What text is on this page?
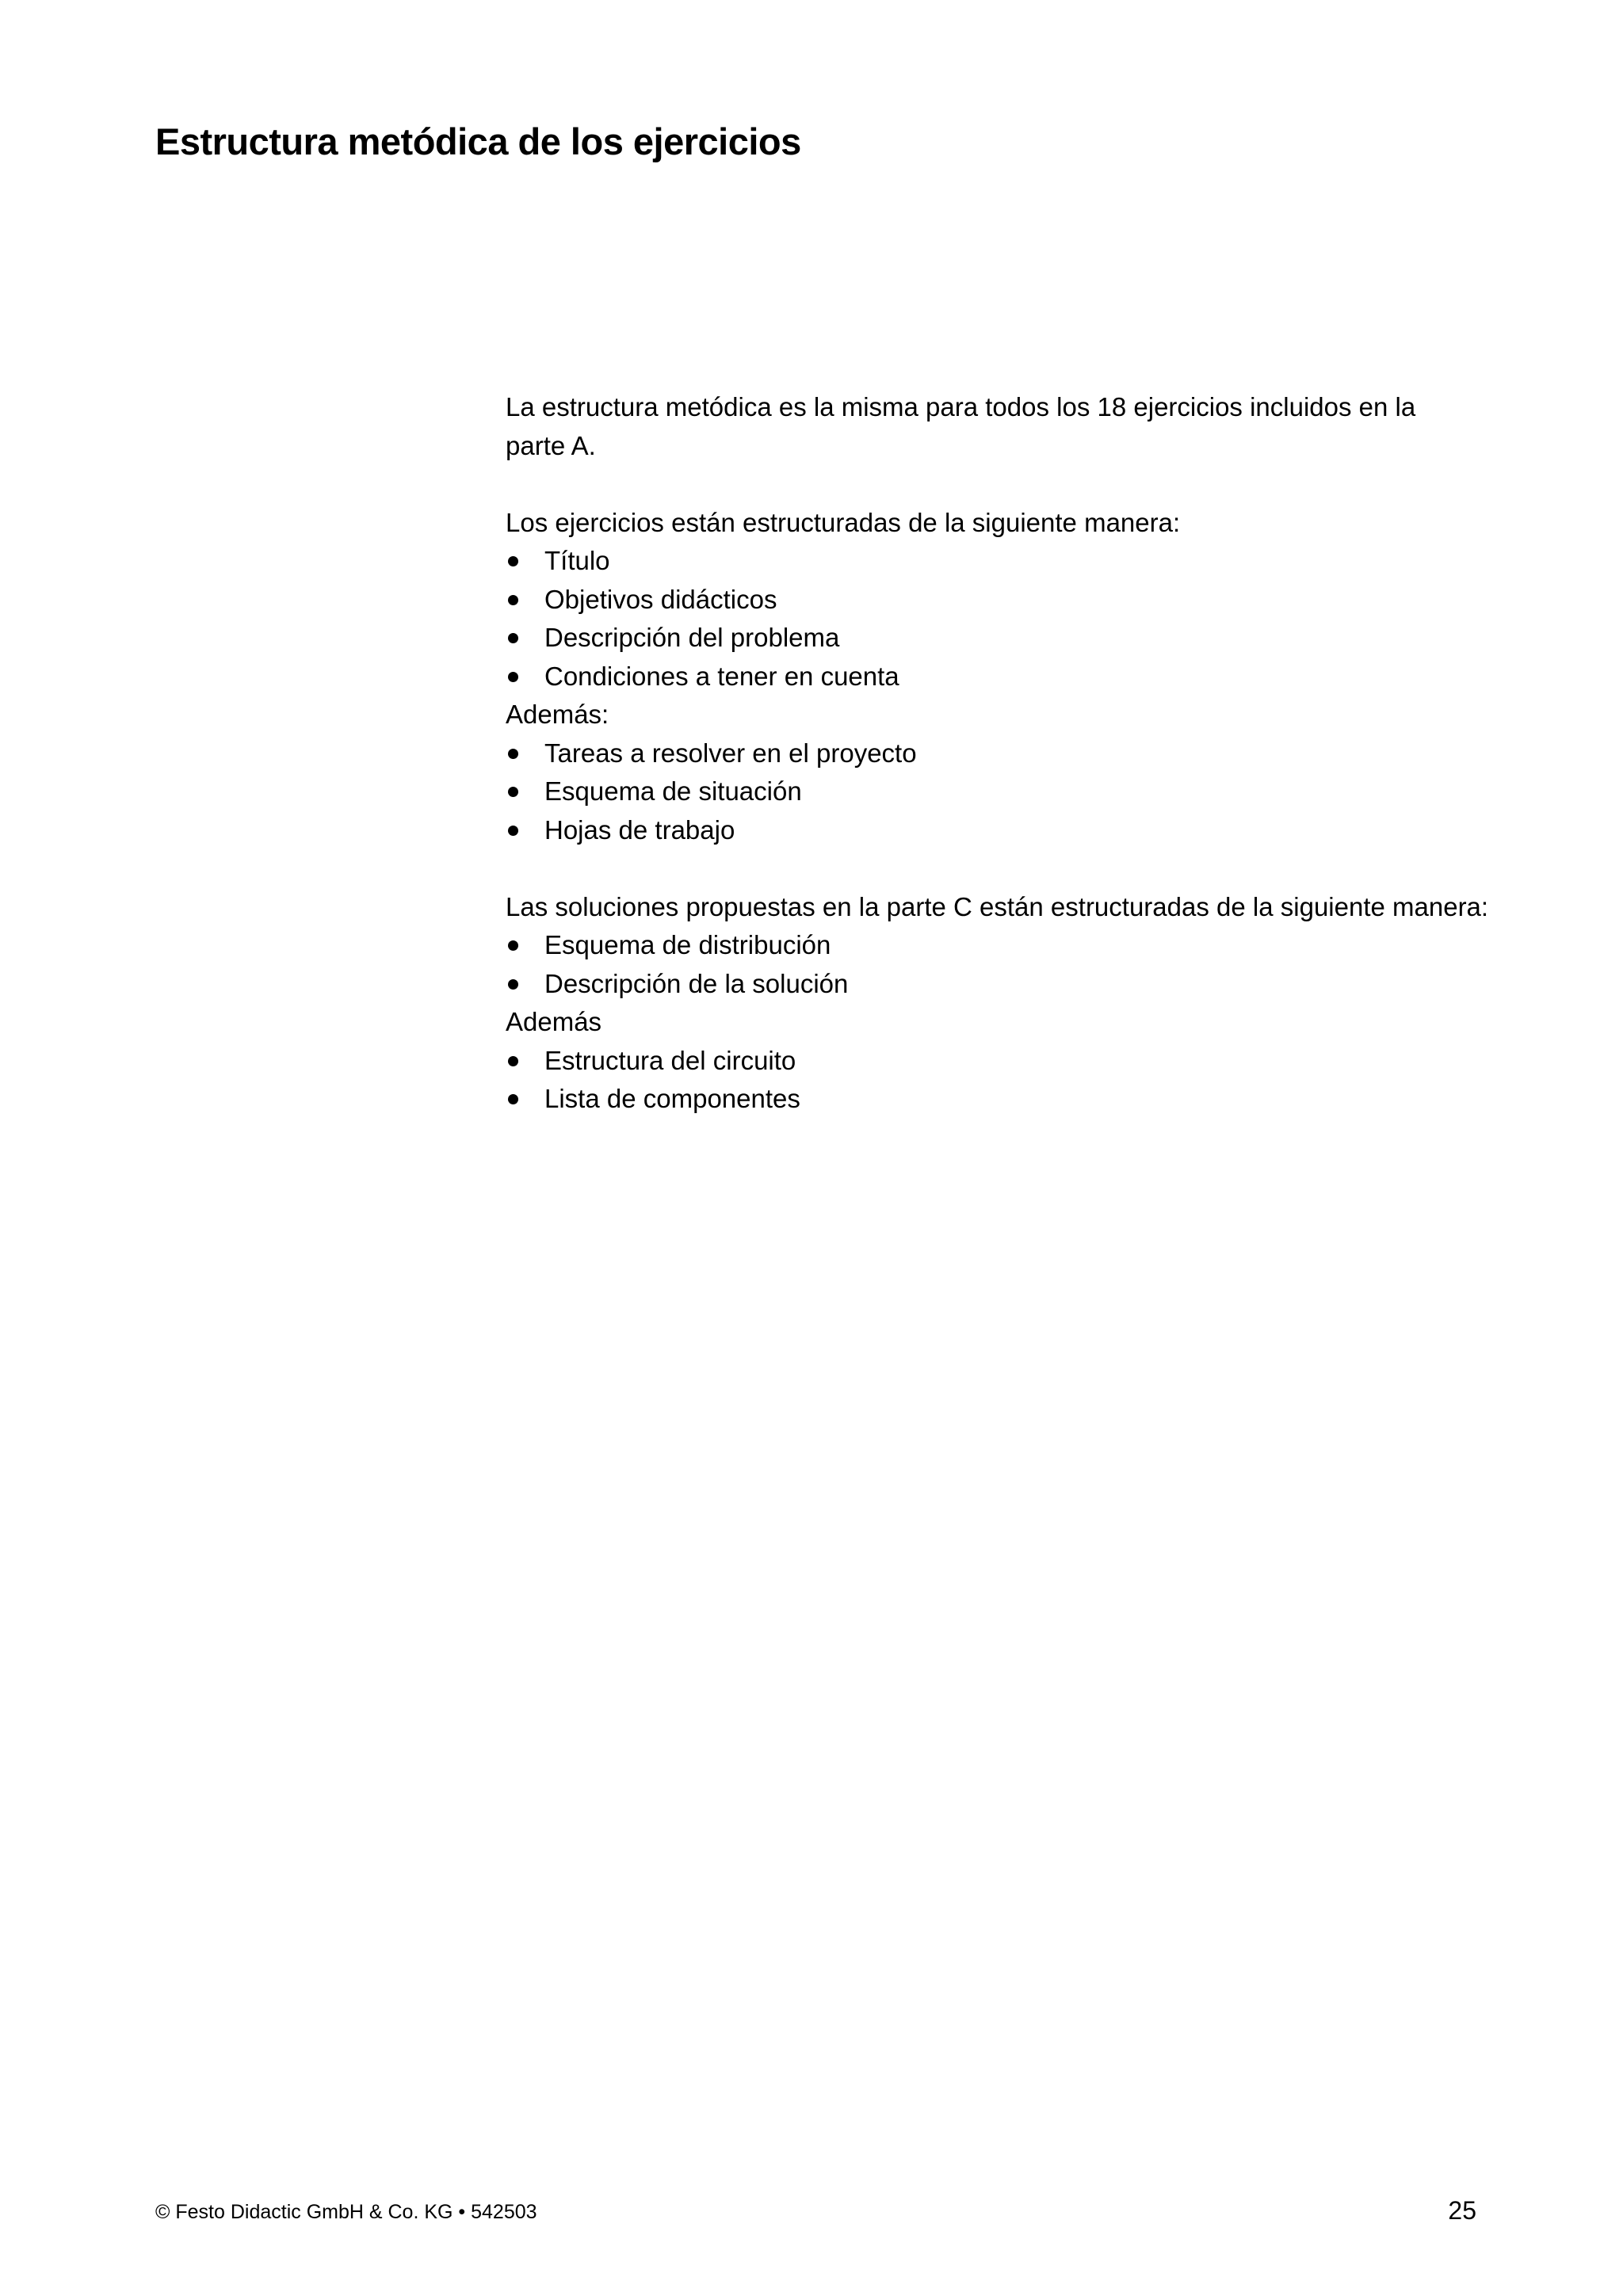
Estructura metódica de los ejercicios

La estructura metódica es la misma para todos los 18 ejercicios incluidos en la

parte A.

Los ejercicios están estructuradas de la siguiente manera:

Título
Objetivos didácticos
Descripción del problema
Condiciones a tener en cuenta

Además:

Tareas a resolver en el proyecto
Esquema de situación
Hojas de trabajo

Las soluciones propuestas en la parte C están estructuradas de la siguiente manera:

Esquema de distribución
Descripción de la solución

Además

Estructura del circuito
Lista de componentes
© Festo Didactic GmbH & Co. KG • 542503	25
